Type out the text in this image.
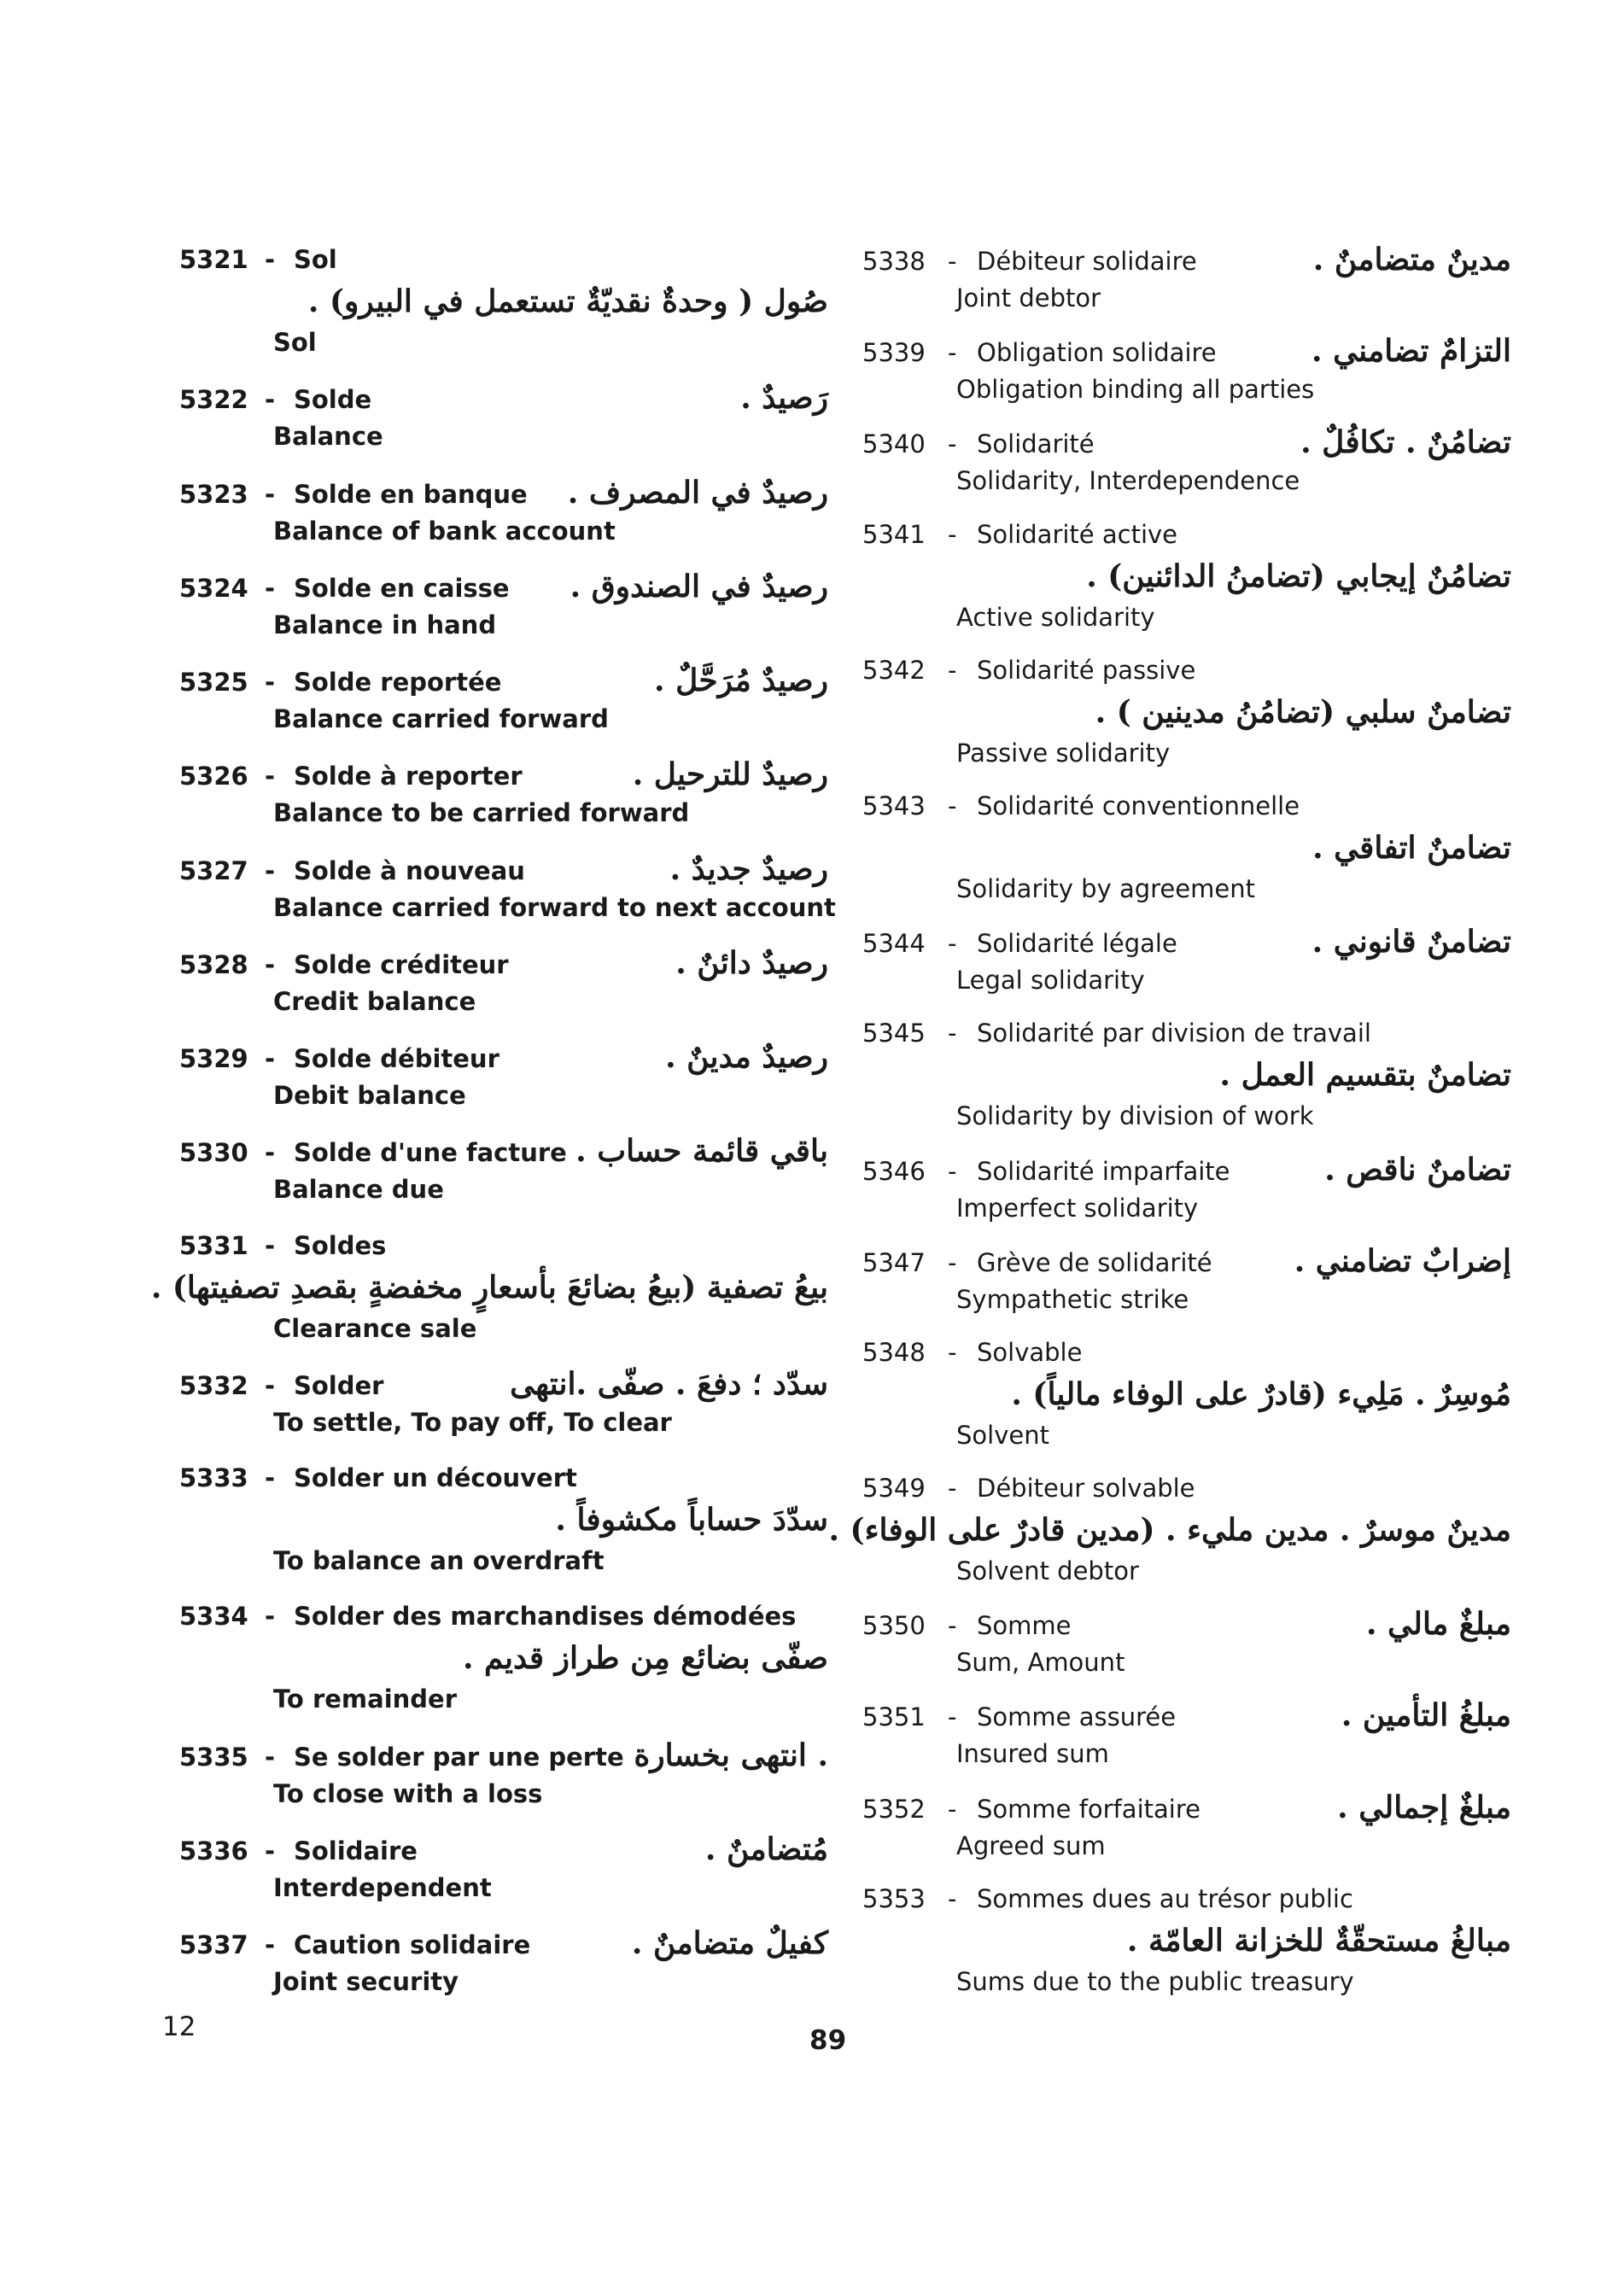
5321 - Sol
صُول ( وحدةٌ نقديّةٌ تستعمل في البيرو) .
Sol
5322 - Solde	رَصيدٌ .
Balance
5323 - Solde en banque رصيدٌ في المصرف .
Balance of bank account
5324 - Solde en caisse رصيدٌ في الصندوق .
Balance in hand
5325 - Solde reportée	رصيدٌ مُرَحَّلٌ .
Balance carried forward
5326 - Solde à reporter	رصيدٌ للترحيل .
Balance to be carried forward
5327 - Solde à nouveau	رصيدٌ جديدٌ .
Balance carried forward to next account
5328 - Solde créditeur	رصيدٌ دائنٌ .
Credit balance
5329 - Solde débiteur	رصيدٌ مدينٌ .
Debit balance
5330 - Solde d'une facture باقي قائمة حساب .
Balance due
5331 - Soldes
بيعُ تصفية (بيعُ بضائعَ بأسعارٍ مخفضةٍ بقصدِ تصفيتها) .
Clearance sale
5332 - Solder	سدّد ؛ دفعَ . صفّى .انتهى
To settle, To pay off, To clear
5333 - Solder un découvert
سدّدَ حساباً مكشوفاً .
To balance an overdraft
5334 - Solder des marchandises démodées
صفّى بضائع مِن طراز قديم .
To remainder
5335 - Se solder par une perte . انتهى بخسارة
To close with a loss
5336 - Solidaire	مُتضامنٌ .
Interdependent
5337 - Caution solidaire	كفيلٌ متضامنٌ .
Joint security
5338 - Débiteur solidaire	مدينٌ متضامنٌ .
Joint debtor
5339 - Obligation solidaire	التزامٌ تضامني .
Obligation binding all parties
5340 - Solidarité	تضامُنٌ . تكافُلٌ .
Solidarity, Interdependence
5341 - Solidarité active
تضامُنٌ إيجابي (تضامنُ الدائنين) .
Active solidarity
5342 - Solidarité passive
تضامنٌ سلبي (تضامُنُ مدينين ) .
Passive solidarity
5343 - Solidarité conventionnelle
تضامنٌ اتفاقي .
Solidarity by agreement
5344 - Solidarité légale	تضامنٌ قانوني .
Legal solidarity
5345 - Solidarité par division de travail
تضامنٌ بتقسيم العمل .
Solidarity by division of work
5346 - Solidarité imparfaite	تضامنٌ ناقص .
Imperfect solidarity
5347 - Grève de solidarité	إضرابٌ تضامني .
Sympathetic strike
5348 - Solvable
مُوسِرٌ . مَلِيء (قادرٌ على الوفاء مالياً) .
Solvent
5349 - Débiteur solvable
مدينٌ موسرٌ . مدين مليء . (مدين قادرٌ على الوفاء) .
Solvent debtor
5350 - Somme	مبلغٌ مالي .
Sum, Amount
5351 - Somme assurée	مبلغُ التأمين .
Insured sum
5352 - Somme forfaitaire	مبلغٌ إجمالي .
Agreed sum
5353 - Sommes dues au trésor public
مبالغُ مستحقّةٌ للخزانة العامّة .
Sums due to the public treasury
12	89
